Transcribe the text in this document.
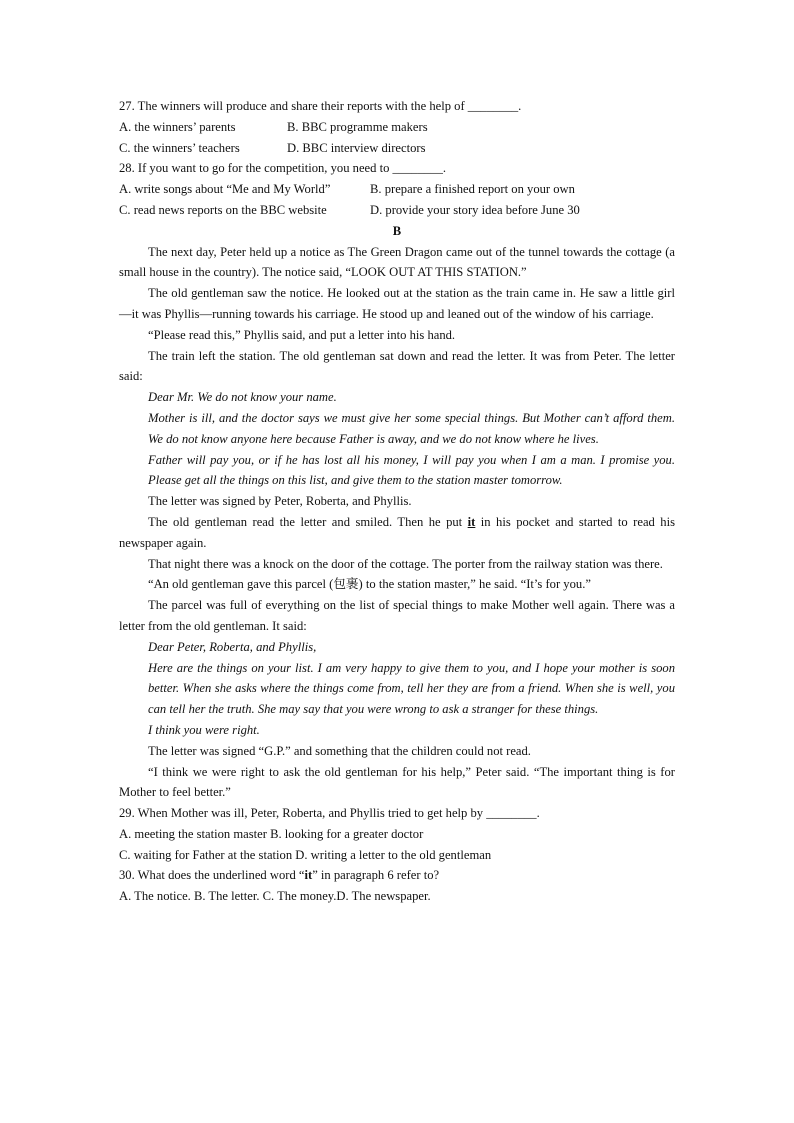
27. The winners will produce and share their reports with the help of ________.
A. the winners’ parents	B. BBC programme makers
C. the winners’ teachers	D. BBC interview directors
28. If you want to go for the competition, you need to ________.
A. write songs about “Me and My World”	B. prepare a finished report on your own
C. read news reports on the BBC website	D. provide your story idea before June 30
B
The next day, Peter held up a notice as The Green Dragon came out of the tunnel towards the cottage (a small house in the country). The notice said, “LOOK OUT AT THIS STATION.”
The old gentleman saw the notice. He looked out at the station as the train came in. He saw a little girl—it was Phyllis—running towards his carriage. He stood up and leaned out of the window of his carriage.
“Please read this,” Phyllis said, and put a letter into his hand.
The train left the station. The old gentleman sat down and read the letter. It was from Peter. The letter said:
Dear Mr. We do not know your name.
Mother is ill, and the doctor says we must give her some special things. But Mother can’t afford them. We do not know anyone here because Father is away, and we do not know where he lives.
Father will pay you, or if he has lost all his money, I will pay you when I am a man. I promise you. Please get all the things on this list, and give them to the station master tomorrow.
The letter was signed by Peter, Roberta, and Phyllis.
The old gentleman read the letter and smiled. Then he put it in his pocket and started to read his newspaper again.
That night there was a knock on the door of the cottage. The porter from the railway station was there.
“An old gentleman gave this parcel (包裹) to the station master,” he said. “It’s for you.”
The parcel was full of everything on the list of special things to make Mother well again. There was a letter from the old gentleman. It said:
Dear Peter, Roberta, and Phyllis,
Here are the things on your list. I am very happy to give them to you, and I hope your mother is soon better. When she asks where the things come from, tell her they are from a friend. When she is well, you can tell her the truth. She may say that you were wrong to ask a stranger for these things.
I think you were right.
The letter was signed “G.P.” and something that the children could not read.
“I think we were right to ask the old gentleman for his help,” Peter said. “The important thing is for Mother to feel better.”
29. When Mother was ill, Peter, Roberta, and Phyllis tried to get help by ________.
A. meeting the station master B. looking for a greater doctor
C. waiting for Father at the station D. writing a letter to the old gentleman
30. What does the underlined word “it” in paragraph 6 refer to?
A. The notice. B. The letter. C. The money.D. The newspaper.
